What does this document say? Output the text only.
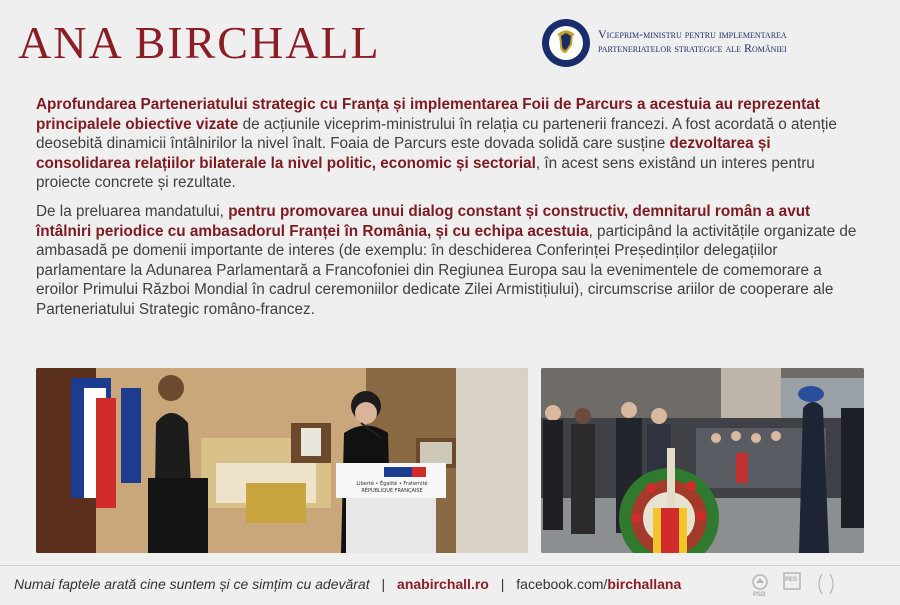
ANA BIRCHALL	Viceprim-ministru pentru implementarea
parteneriatelor strategice ale României

Aprofundarea Parteneriatului strategic cu Franța și implementarea Foii de Parcurs a acestuia au reprezentat principalele obiective vizate de acțiunile viceprim-ministrului în relația cu partenerii francezi. A fost acordată o atenție deosebită dinamicii întâlnirilor la nivel înalt. Foaia de Parcurs este dovada solidă care susține dezvoltarea și consolidarea relațiilor bilaterale la nivel politic, economic și sectorial, în acest sens existând un interes pentru proiecte concrete și rezultate.

De la preluarea mandatului, pentru promovarea unui dialog constant și constructiv, demnitarul român a avut întâlniri periodice cu ambasadorul Franței în România, și cu echipa acestuia, participând la activitățile organizate de ambasadă pe domenii importante de interes (de exemplu: în deschiderea Conferinței Președinților delegațiilor parlamentare la Adunarea Parlamentară a Francofoniei din Regiunea Europa sau la evenimentele de comemorare a eroilor Primului Război Mondial în cadrul ceremoniilor dedicate Zilei Armistițiului), circumscrise ariilor de cooperare ale Parteneriatului Strategic româno-francez.

Liberté • Égalité • Fraternité
RÉPUBLIQUE FRANÇAISE
Numai faptele arată cine suntem și ce simțim cu adevărat | anabirchall.ro | facebook.com/birchallana
PSD
PES
